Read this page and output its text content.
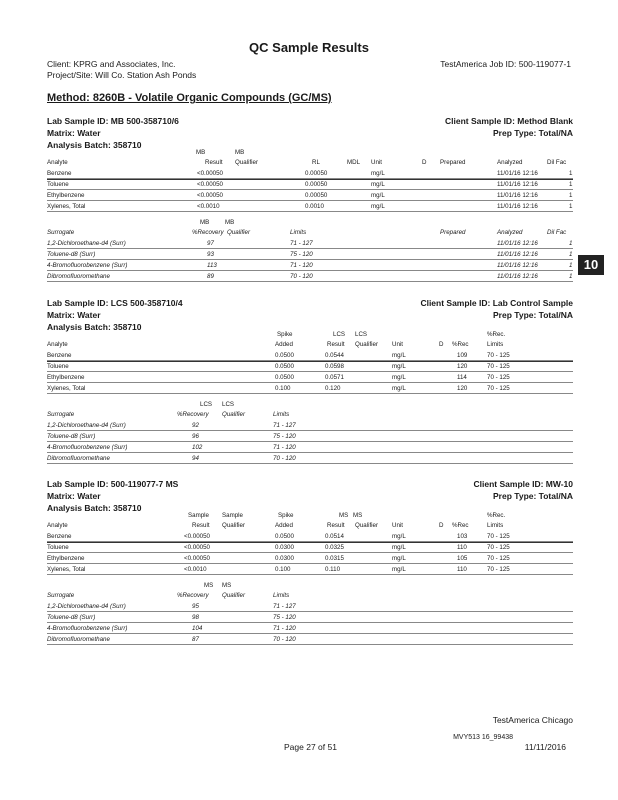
QC Sample Results
Client: KPRG and Associates, Inc.
Project/Site: Will Co. Station Ash Ponds
TestAmerica Job ID: 500-119077-1
Method: 8260B - Volatile Organic Compounds (GC/MS)
10
Lab Sample ID: MB 500-358710/6
Matrix: Water
Analysis Batch: 358710
Client Sample ID: Method Blank
Prep Type: Total/NA
MB	MB
Analyte	Result Qualifier	RL	MDL Unit	D Prepared	Analyzed	Dil Fac
Benzene	<0.00050	0.00050	mg/L	11/01/16 12:16	1
Toluene	<0.00050	0.00050	mg/L	11/01/16 12:16	1
Ethylbenzene	<0.00050	0.00050	mg/L	11/01/16 12:16	1
Xylenes, Total	<0.0010	0.0010	mg/L	11/01/16 12:16	1
MB	MB
Surrogate	%Recovery Qualifier	Limits	Prepared	Analyzed	Dil Fac
1,2-Dichloroethane-d4 (Surr)	97	71 - 127	11/01/16 12:16	1
Toluene-d8 (Surr)	93	75 - 120	11/01/16 12:16	1
4-Bromofluorobenzene (Surr)	113	71 - 120	11/01/16 12:16	1
Dibromofluoromethane	89	70 - 120	11/01/16 12:16	1
Lab Sample ID: LCS 500-358710/4
Matrix: Water
Analysis Batch: 358710
Client Sample ID: Lab Control Sample
Prep Type: Total/NA
Spike	LCS LCS	%Rec.
Analyte	Added	Result Qualifier Unit	D %Rec	Limits
Benzene	0.0500	0.0544	mg/L	109	70 - 125
Toluene	0.0500	0.0598	mg/L	120	70 - 125
Ethylbenzene	0.0500	0.0571	mg/L	114	70 - 125
Xylenes, Total	0.100	0.120	mg/L	120	70 - 125
LCS LCS
Surrogate	%Recovery Qualifier	Limits
1,2-Dichloroethane-d4 (Surr)	92	71 - 127
Toluene-d8 (Surr)	96	75 - 120
4-Bromofluorobenzene (Surr)	102	71 - 120
Dibromofluoromethane	94	70 - 120
Lab Sample ID: 500-119077-7 MS
Matrix: Water
Analysis Batch: 358710
Client Sample ID: MW-10
Prep Type: Total/NA
Sample Sample	Spike	MS MS	%Rec.
Analyte	Result Qualifier	Added	Result Qualifier Unit	D %Rec	Limits
Benzene	<0.00050	0.0500	0.0514	mg/L	103	70 - 125
Toluene	<0.00050	0.0300	0.0325	mg/L	110	70 - 125
Ethylbenzene	<0.00050	0.0300	0.0315	mg/L	105	70 - 125
Xylenes, Total	<0.0010	0.100	0.110	mg/L	110	70 - 125
MS MS
Surrogate	%Recovery Qualifier	Limits
1,2-Dichloroethane-d4 (Surr)	95	71 - 127
Toluene-d8 (Surr)	98	75 - 120
4-Bromofluorobenzene (Surr)	104	71 - 120
Dibromofluoromethane	87	70 - 120
TestAmerica Chicago
Page 27 of 51
MVY513 16_99438
11/11/2016
